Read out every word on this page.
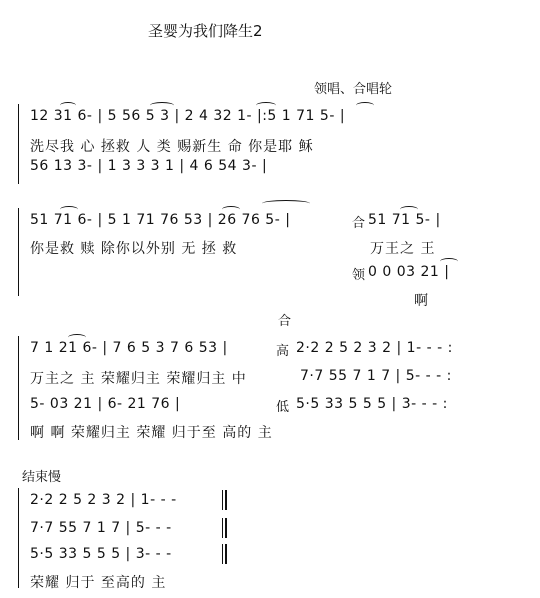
圣婴为我们降生2
领唱、合唱轮
12 31 6- | 5 56 5 3 | 2 4 32 1- |:5 1 71 5- |
洗尽我 心 拯救 人 类 赐新生 命 你是耶 稣
56 13 3- | 1 3 3 3 1 | 4 6 54 3- |
51 71 6- | 5 1 71 76 53 | 26 76 5- |	合 51 71 5- |
你是救 赎 除你以外别 无 拯 救	万王之 王
领 0 0 03 21 |
啊
合
7 1 21 6- | 7 6 5 3 7 6 53 |	高 2·2 2 5 2 3 2 | 1- - - :
万主之 主 荣耀归主 荣耀归主 中	7·7 55 7 1 7 | 5- - - :
5- 03 21 | 6- 21 76 |	低 5·5 33 5 5 5 | 3- - - :
啊 啊 荣耀归主 荣耀 归于至 高的 主
结束慢
2·2 2 5 2 3 2 | 1- - -
7·7 55 7 1 7 | 5- - -
5·5 33 5 5 5 | 3- - -
荣耀 归于 至高的 主
